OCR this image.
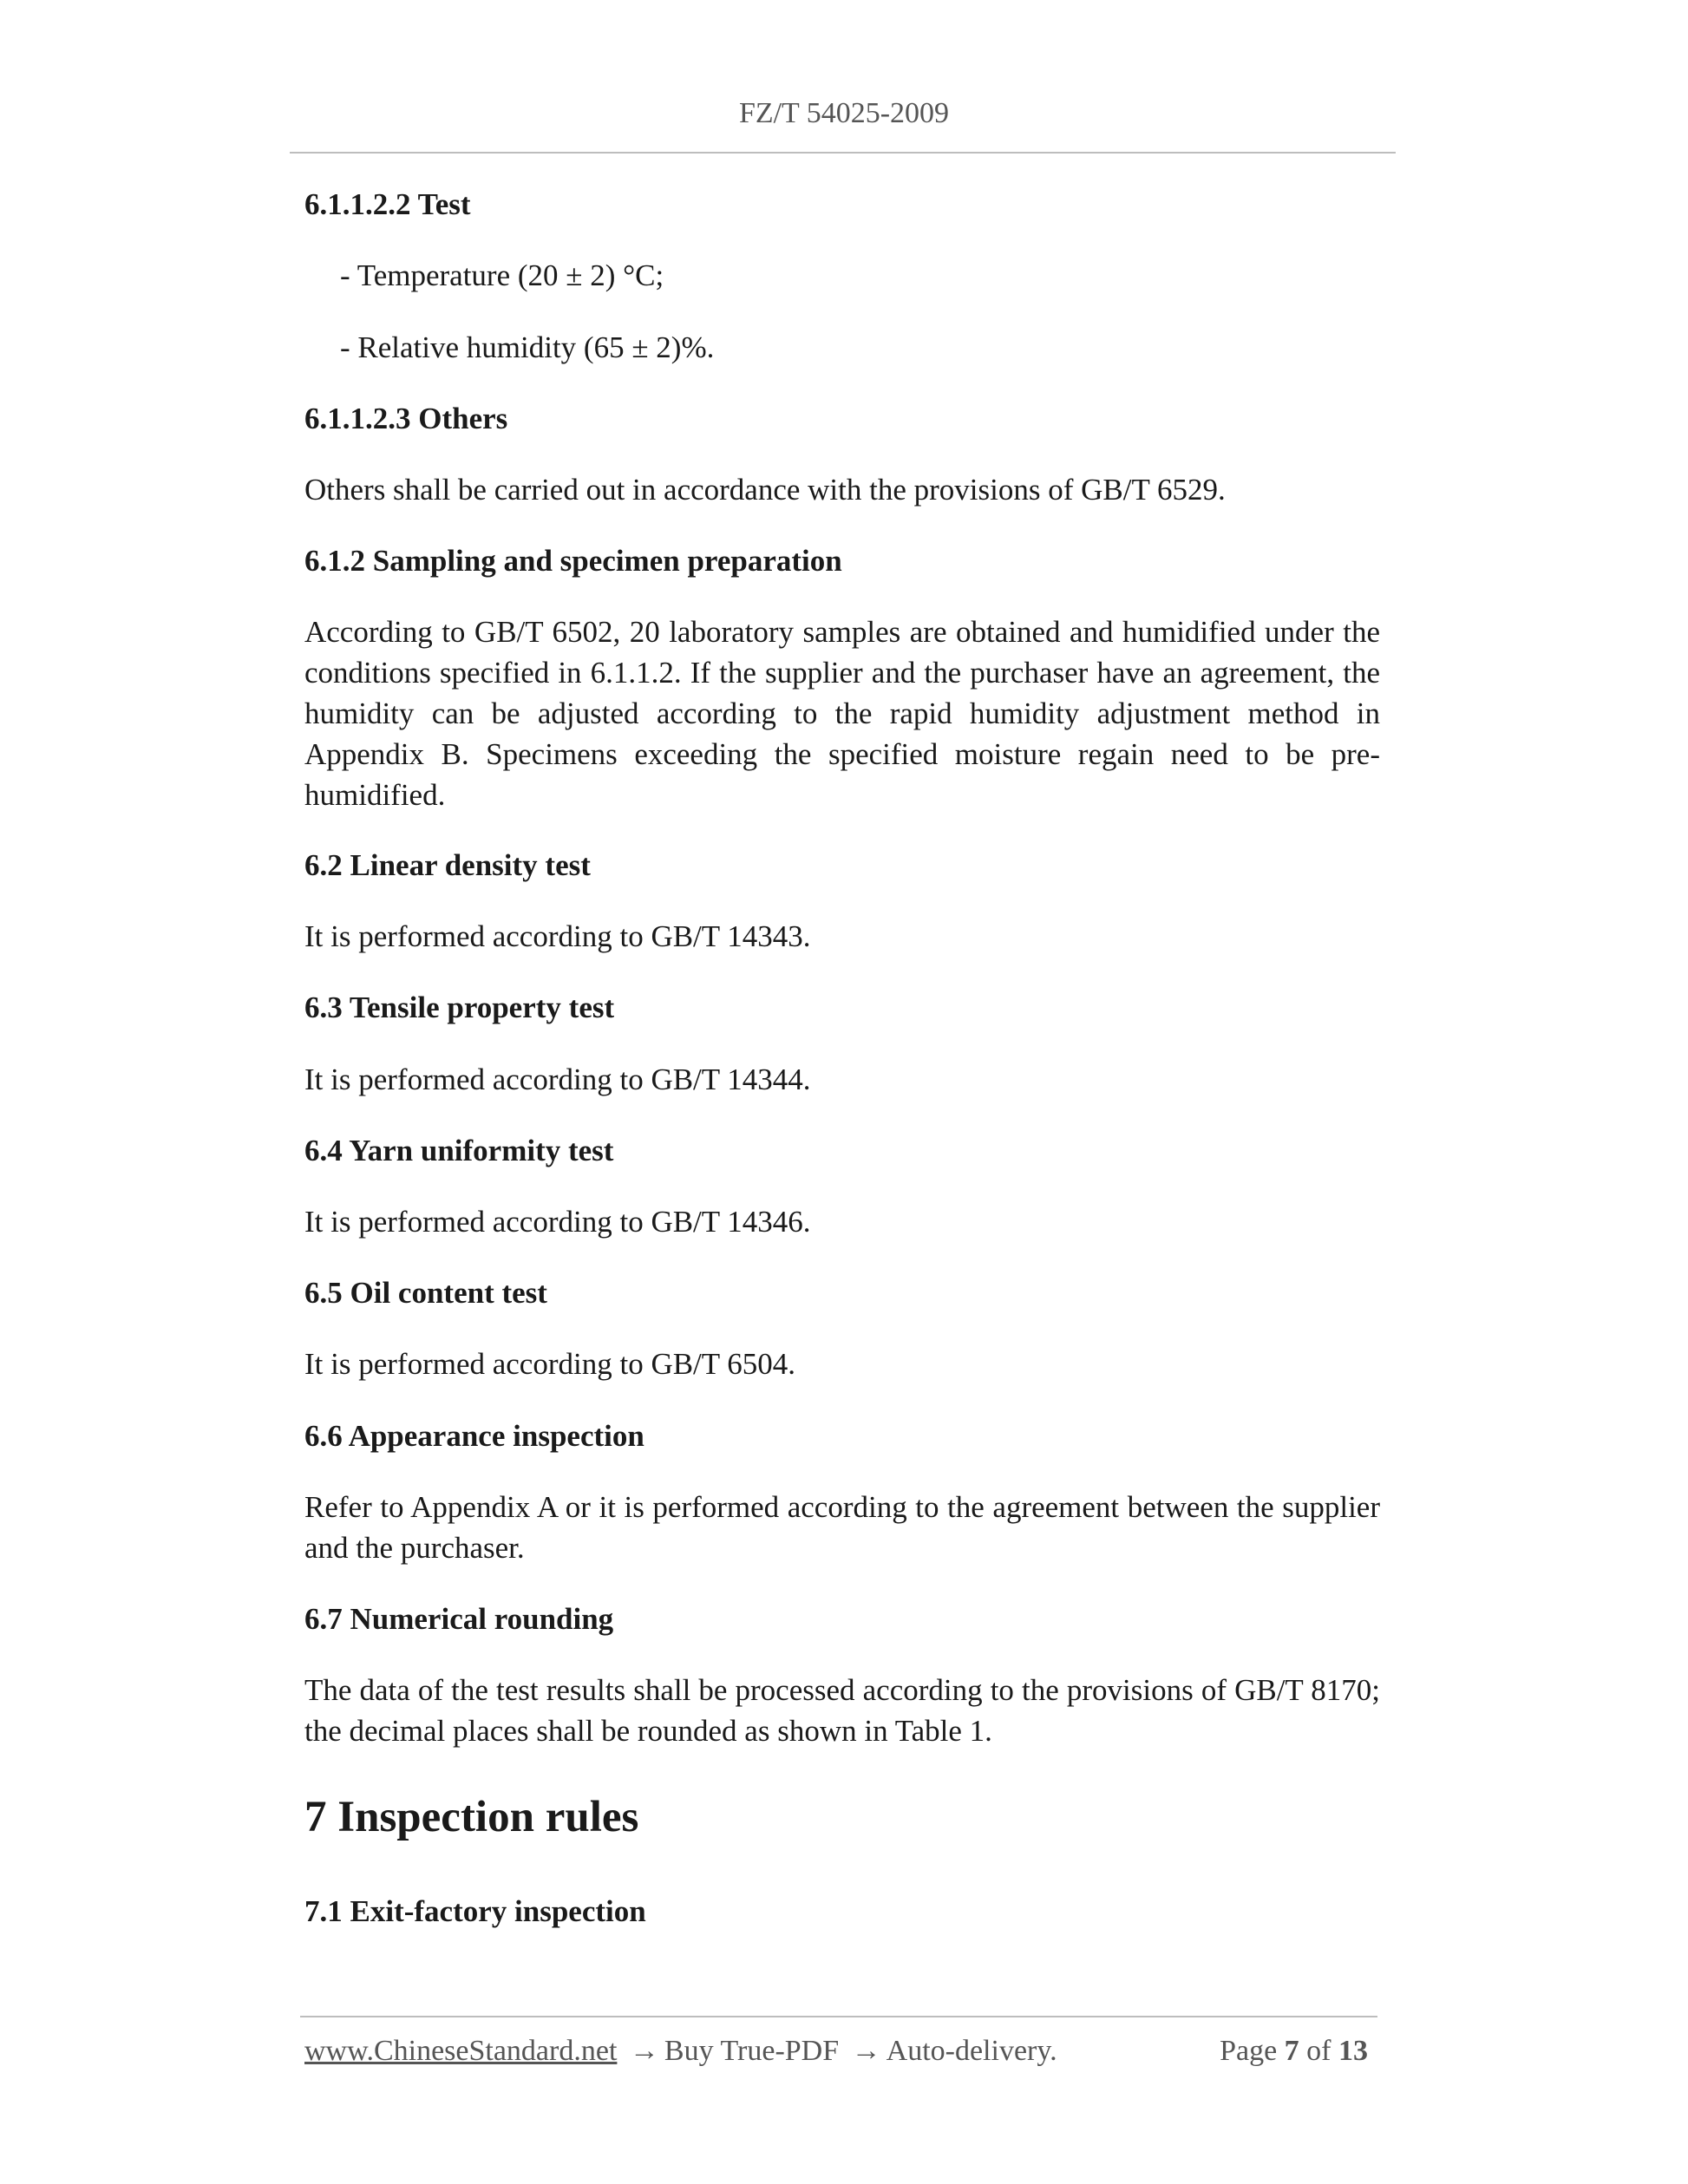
FZ/T 54025-2009

6.1.1.2.2 Test

- Temperature (20 ± 2) °C;

- Relative humidity (65 ± 2)%.

6.1.1.2.3 Others

Others shall be carried out in accordance with the provisions of GB/T 6529.

6.1.2 Sampling and specimen preparation

According to GB/T 6502, 20 laboratory samples are obtained and humidified under the conditions specified in 6.1.1.2. If the supplier and the purchaser have an agreement, the humidity can be adjusted according to the rapid humidity adjustment method in Appendix B. Specimens exceeding the specified moisture regain need to be pre-humidified.

6.2 Linear density test

It is performed according to GB/T 14343.

6.3 Tensile property test

It is performed according to GB/T 14344.

6.4 Yarn uniformity test

It is performed according to GB/T 14346.

6.5 Oil content test

It is performed according to GB/T 6504.

6.6 Appearance inspection

Refer to Appendix A or it is performed according to the agreement between the supplier and the purchaser.

6.7 Numerical rounding

The data of the test results shall be processed according to the provisions of GB/T 8170; the decimal places shall be rounded as shown in Table 1.

7 Inspection rules

7.1 Exit-factory inspection

www.ChineseStandard.net → Buy True-PDF → Auto-delivery.	Page 7 of 13
